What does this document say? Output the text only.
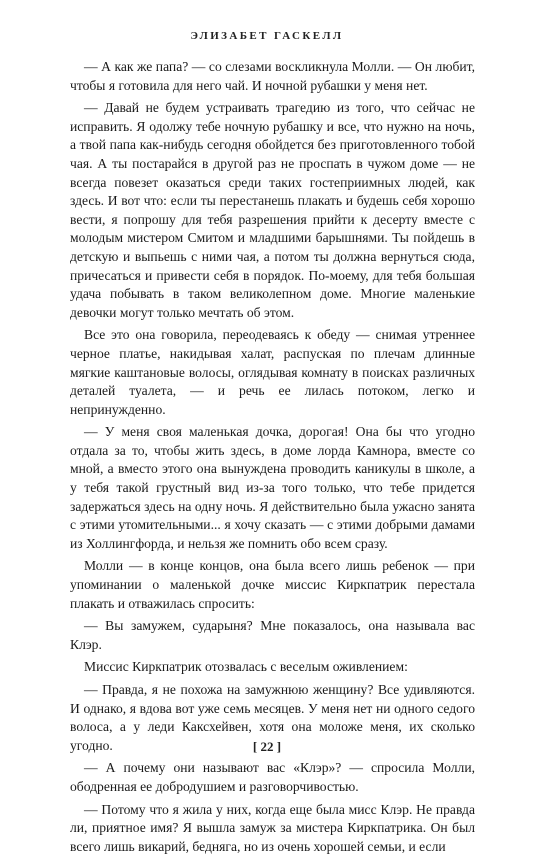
ЭЛИЗАБЕТ ГАСКЕЛЛ

— А как же папа? — со слезами воскликнула Молли. — Он любит, чтобы я готовила для него чай. И ночной рубашки у меня нет.

— Давай не будем устраивать трагедию из того, что сейчас не исправить. Я одолжу тебе ночную рубашку и все, что нужно на ночь, а твой папа как-нибудь сегодня обойдется без приготовленного тобой чая. А ты постарайся в другой раз не проспать в чужом доме — не всегда повезет оказаться среди таких гостеприимных людей, как здесь. И вот что: если ты перестанешь плакать и будешь себя хорошо вести, я попрошу для тебя разрешения прийти к десерту вместе с молодым мистером Смитом и младшими барышнями. Ты пойдешь в детскую и выпьешь с ними чая, а потом ты должна вернуться сюда, причесаться и привести себя в порядок. По-моему, для тебя большая удача побывать в таком великолепном доме. Многие маленькие девочки могут только мечтать об этом.

Все это она говорила, переодеваясь к обеду — снимая утреннее черное платье, накидывая халат, распуская по плечам длинные мягкие каштановые волосы, оглядывая комнату в поисках различных деталей туалета, — и речь ее лилась потоком, легко и непринужденно.

— У меня своя маленькая дочка, дорогая! Она бы что угодно отдала за то, чтобы жить здесь, в доме лорда Камнора, вместе со мной, а вместо этого она вынуждена проводить каникулы в школе, а у тебя такой грустный вид из-за того только, что тебе придется задержаться здесь на одну ночь. Я действительно была ужасно занята с этими утомительными... я хочу сказать — с этими добрыми дамами из Холлингфорда, и нельзя же помнить обо всем сразу.

Молли — в конце концов, она была всего лишь ребенок — при упоминании о маленькой дочке миссис Киркпатрик перестала плакать и отважилась спросить:

— Вы замужем, сударыня? Мне показалось, она называла вас Клэр.

Миссис Киркпатрик отозвалась с веселым оживлением:

— Правда, я не похожа на замужнюю женщину? Все удивляются. И однако, я вдова вот уже семь месяцев. У меня нет ни одного седого волоса, а у леди Каксхейвен, хотя она моложе меня, их сколько угодно.

— А почему они называют вас «Клэр»? — спросила Молли, ободренная ее добродушием и разговорчивостью.

— Потому что я жила у них, когда еще была мисс Клэр. Не правда ли, приятное имя? Я вышла замуж за мистера Киркпатрика. Он был всего лишь викарий, бедняга, но из очень хорошей семьи, и если

[ 22 ]
